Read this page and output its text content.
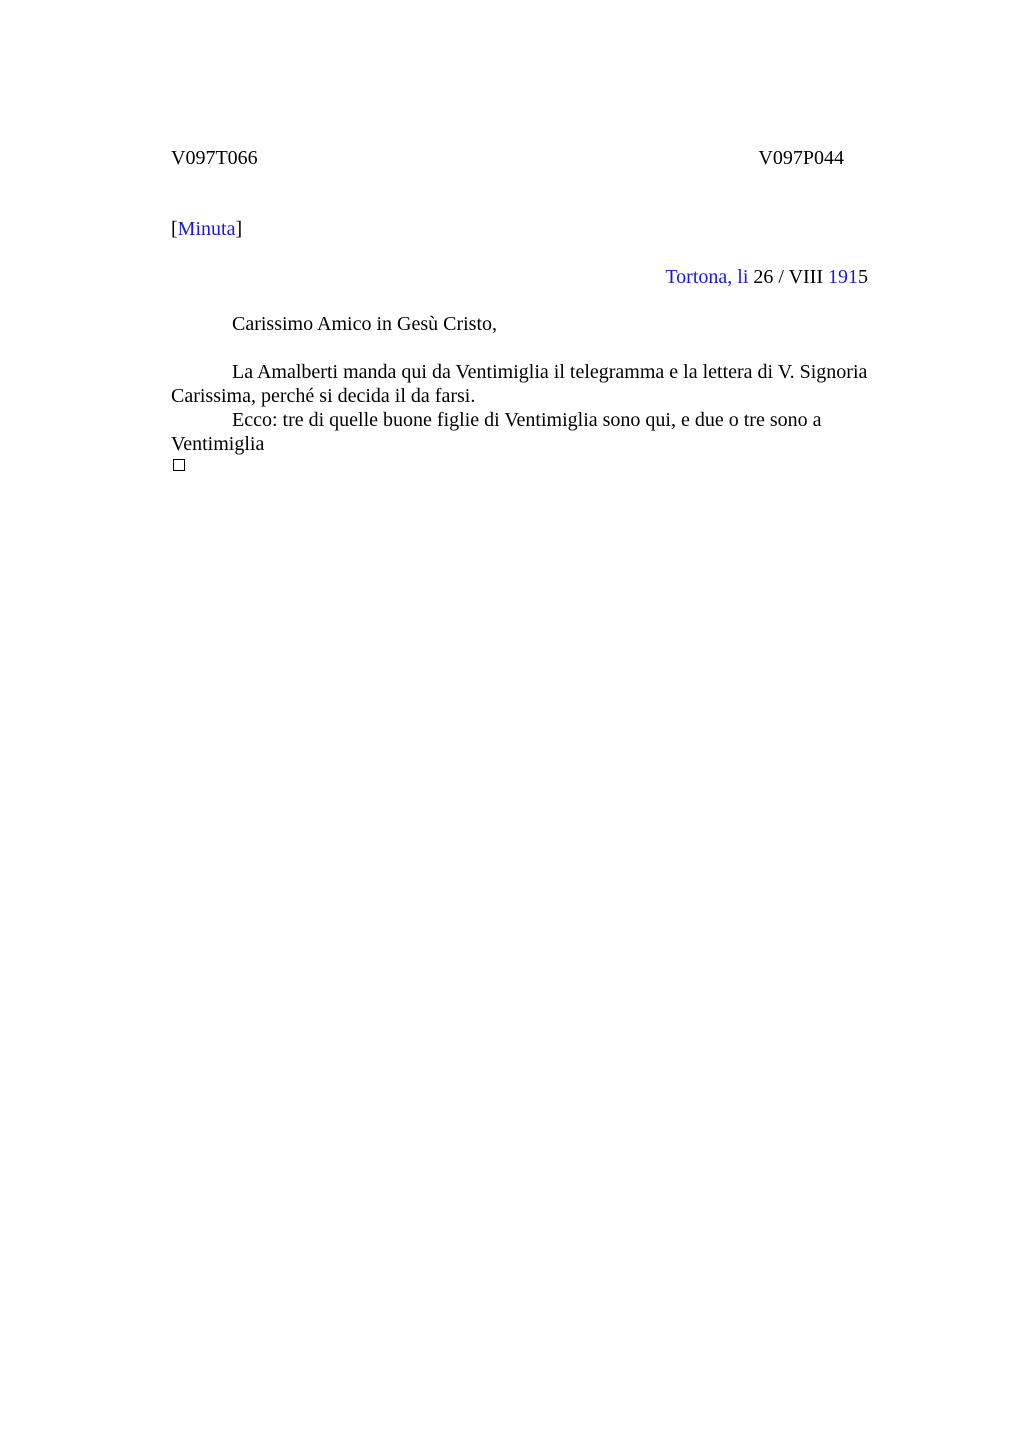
V097T066	V097P044
[Minuta]
Tortona, li 26 / VIII 1915
Carissimo Amico in Gesù Cristo,

La Amalberti manda qui da Ventimiglia il telegramma e la lettera di V. Signoria Carissima, perché si decida il da farsi.

Ecco: tre di quelle buone figlie di Ventimiglia sono qui, e due o tre sono a Ventimiglia
